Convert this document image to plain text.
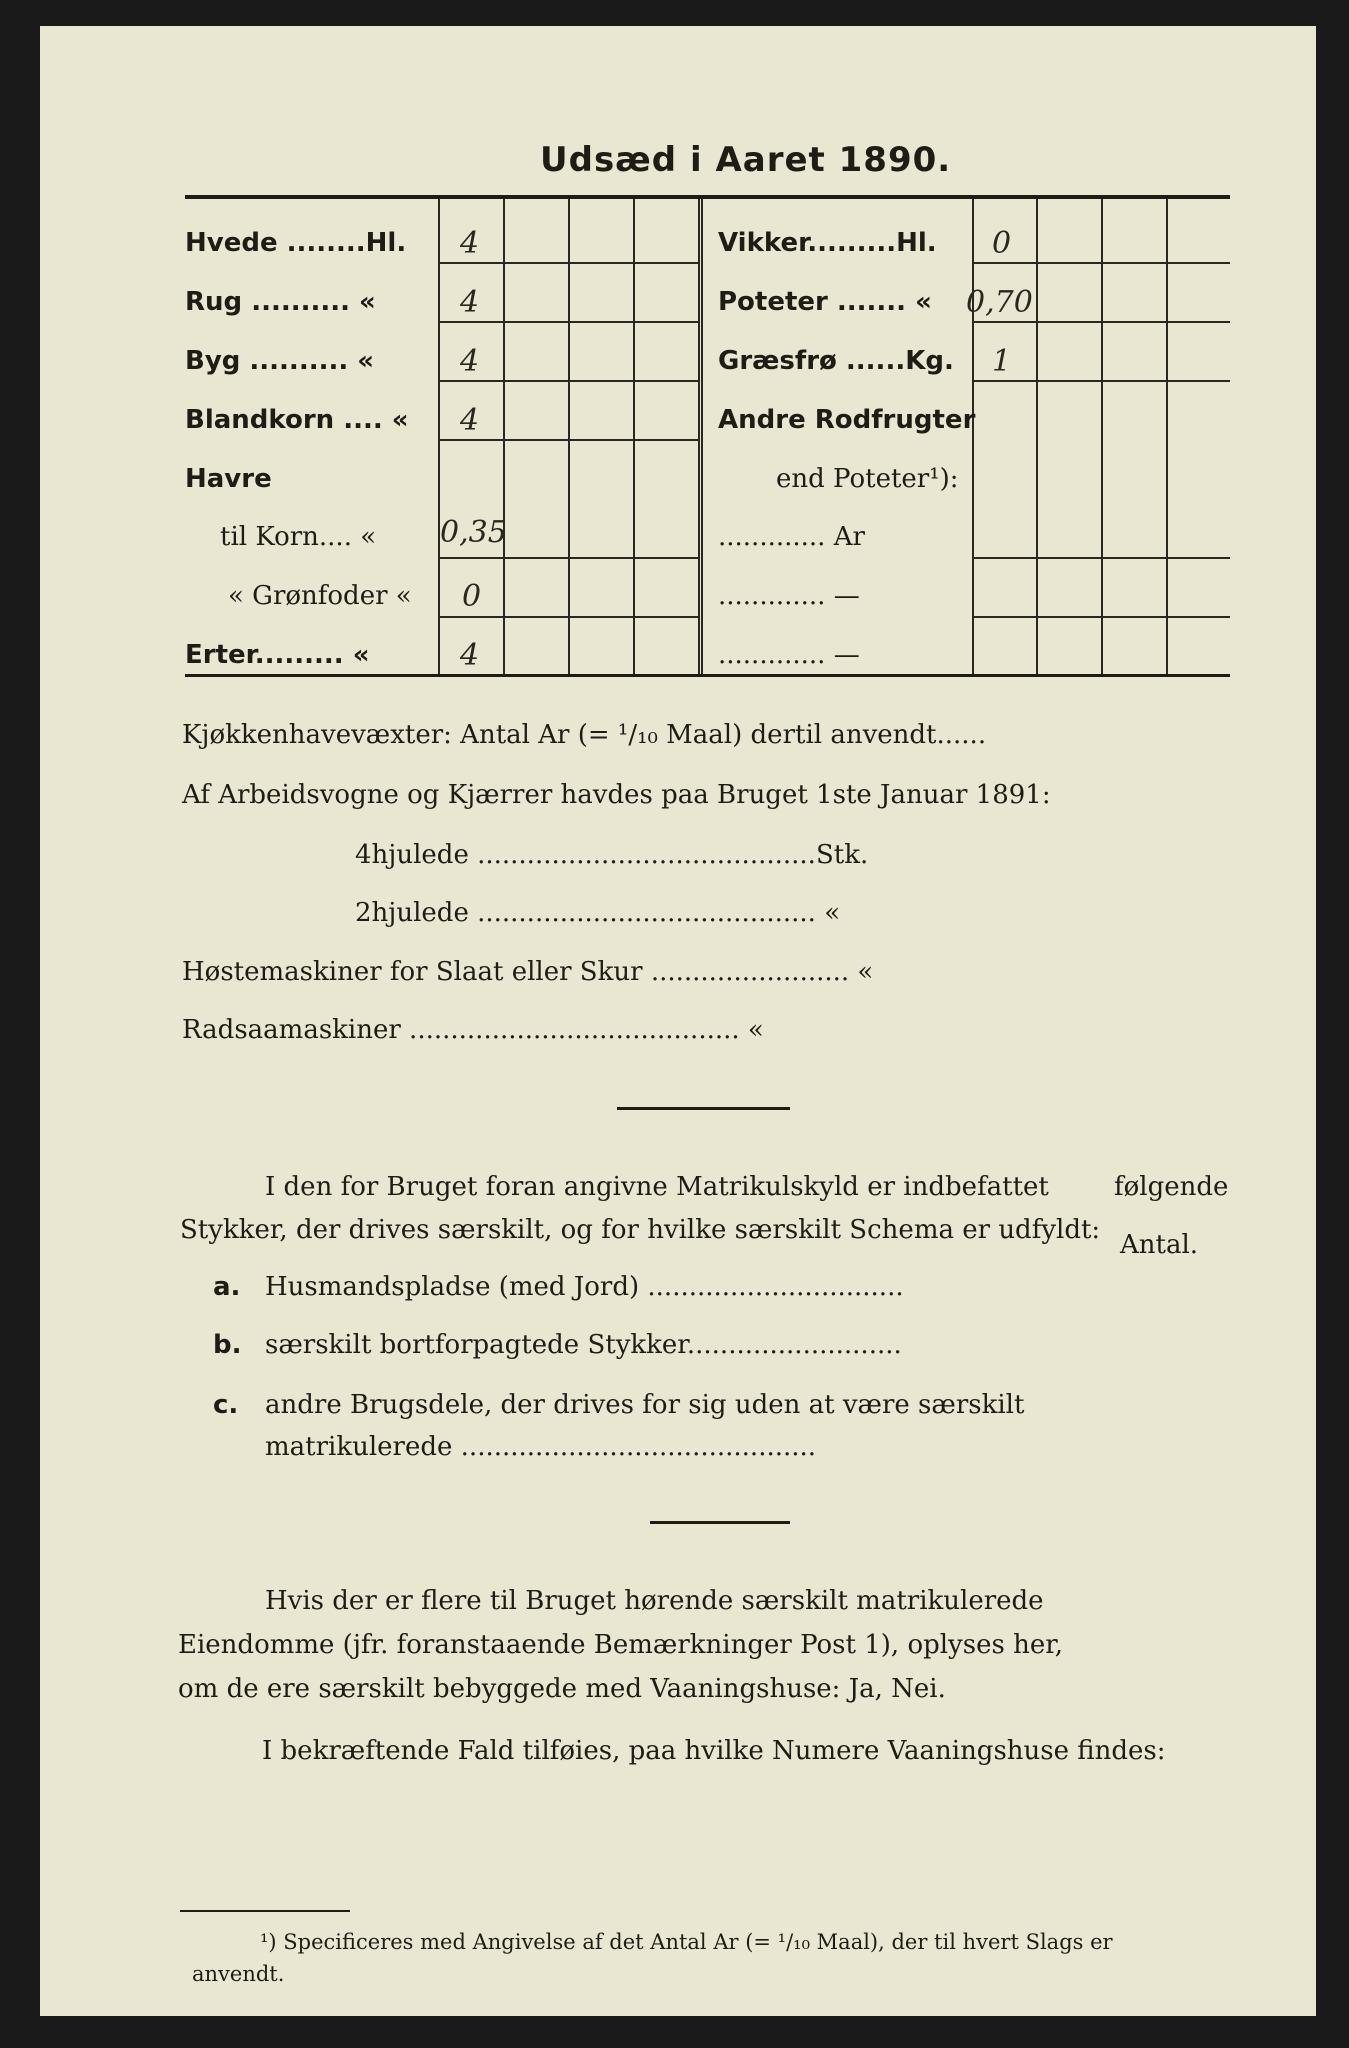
Udsæd i Aaret 1890.
Hvede ........Hl. 4
Rug .......... «	4
Byg .......... «	4
Blandkorn .... « 4
Havre
til Korn.... « 0,35
« Grønfoder « 0
Erter......... «	4
Vikker.........Hl. 0
Poteter ....... « 0,70
Græsfrø ......Kg. 1
Andre Rodfrugter
end Poteter¹):
............. Ar
............. —
............. —
Kjøkkenhavevæxter: Antal Ar (= ¹/₁₀ Maal) dertil anvendt......
Af Arbeidsvogne og Kjærrer havdes paa Bruget 1ste Januar 1891:
4hjulede .........................................Stk.
2hjulede ......................................... «
Høstemaskiner for Slaat eller Skur ........................ «
Radsaamaskiner ........................................ «
I den for Bruget foran angivne Matrikulskyld er indbefattet	følgende
Stykker, der drives særskilt, og for hvilke særskilt Schema er udfyldt: Antal.
a. Husmandspladse (med Jord) ...............................
b. særskilt bortforpagtede Stykker..........................
c. andre Brugsdele, der drives for sig uden at være særskilt
matrikulerede ...........................................
Hvis der er flere til Bruget hørende særskilt matrikulerede
Eiendomme (jfr. foranstaaende Bemærkninger Post 1), oplyses her,
om de ere særskilt bebyggede med Vaaningshuse: Ja, Nei.
I bekræftende Fald tilføies, paa hvilke Numere Vaaningshuse findes:
¹) Specificeres med Angivelse af det Antal Ar (= ¹/₁₀ Maal), der til hvert Slags er
anvendt.
